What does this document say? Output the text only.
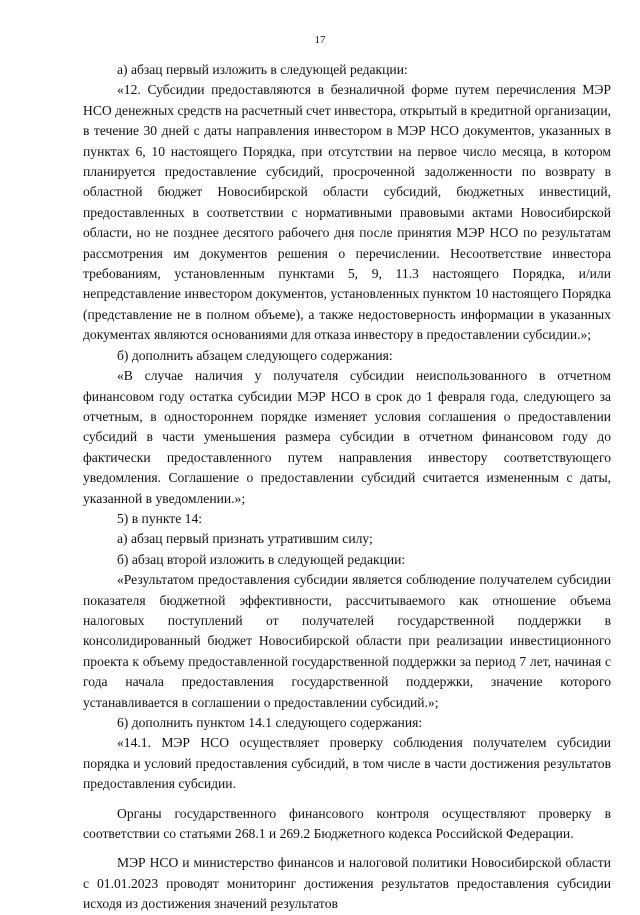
17

а) абзац первый изложить в следующей редакции:

«12. Субсидии предоставляются в безналичной форме путем перечисления МЭР НСО денежных средств на расчетный счет инвестора, открытый в кредитной организации, в течение 30 дней с даты направления инвестором в МЭР НСО документов, указанных в пунктах 6, 10 настоящего Порядка, при отсутствии на первое число месяца, в котором планируется предоставление субсидий, просроченной задолженности по возврату в областной бюджет Новосибирской области субсидий, бюджетных инвестиций, предоставленных в соответствии с нормативными правовыми актами Новосибирской области, но не позднее десятого рабочего дня после принятия МЭР НСО по результатам рассмотрения им документов решения о перечислении. Несоответствие инвестора требованиям, установленным пунктами 5, 9, 11.3 настоящего Порядка, и/или непредставление инвестором документов, установленных пунктом 10 настоящего Порядка (представление не в полном объеме), а также недостоверность информации в указанных документах являются основаниями для отказа инвестору в предоставлении субсидии.»;

б) дополнить абзацем следующего содержания:

«В случае наличия у получателя субсидии неиспользованного в отчетном финансовом году остатка субсидии МЭР НСО в срок до 1 февраля года, следующего за отчетным, в одностороннем порядке изменяет условия соглашения о предоставлении субсидий в части уменьшения размера субсидии в отчетном финансовом году до фактически предоставленного путем направления инвестору соответствующего уведомления. Соглашение о предоставлении субсидий считается измененным с даты, указанной в уведомлении.»;

5) в пункте 14:

а) абзац первый признать утратившим силу;

б) абзац второй изложить в следующей редакции:

«Результатом предоставления субсидии является соблюдение получателем субсидии показателя бюджетной эффективности, рассчитываемого как отношение объема налоговых поступлений от получателей государственной поддержки в консолидированный бюджет Новосибирской области при реализации инвестиционного проекта к объему предоставленной государственной поддержки за период 7 лет, начиная с года начала предоставления государственной поддержки, значение которого устанавливается в соглашении о предоставлении субсидий.»;

6) дополнить пунктом 14.1 следующего содержания:

«14.1. МЭР НСО осуществляет проверку соблюдения получателем субсидии порядка и условий предоставления субсидий, в том числе в части достижения результатов предоставления субсидии.

Органы государственного финансового контроля осуществляют проверку в соответствии со статьями 268.1 и 269.2 Бюджетного кодекса Российской Федерации.

МЭР НСО и министерство финансов и налоговой политики Новосибирской области с 01.01.2023 проводят мониторинг достижения результатов предоставления субсидии исходя из достижения значений результатов
